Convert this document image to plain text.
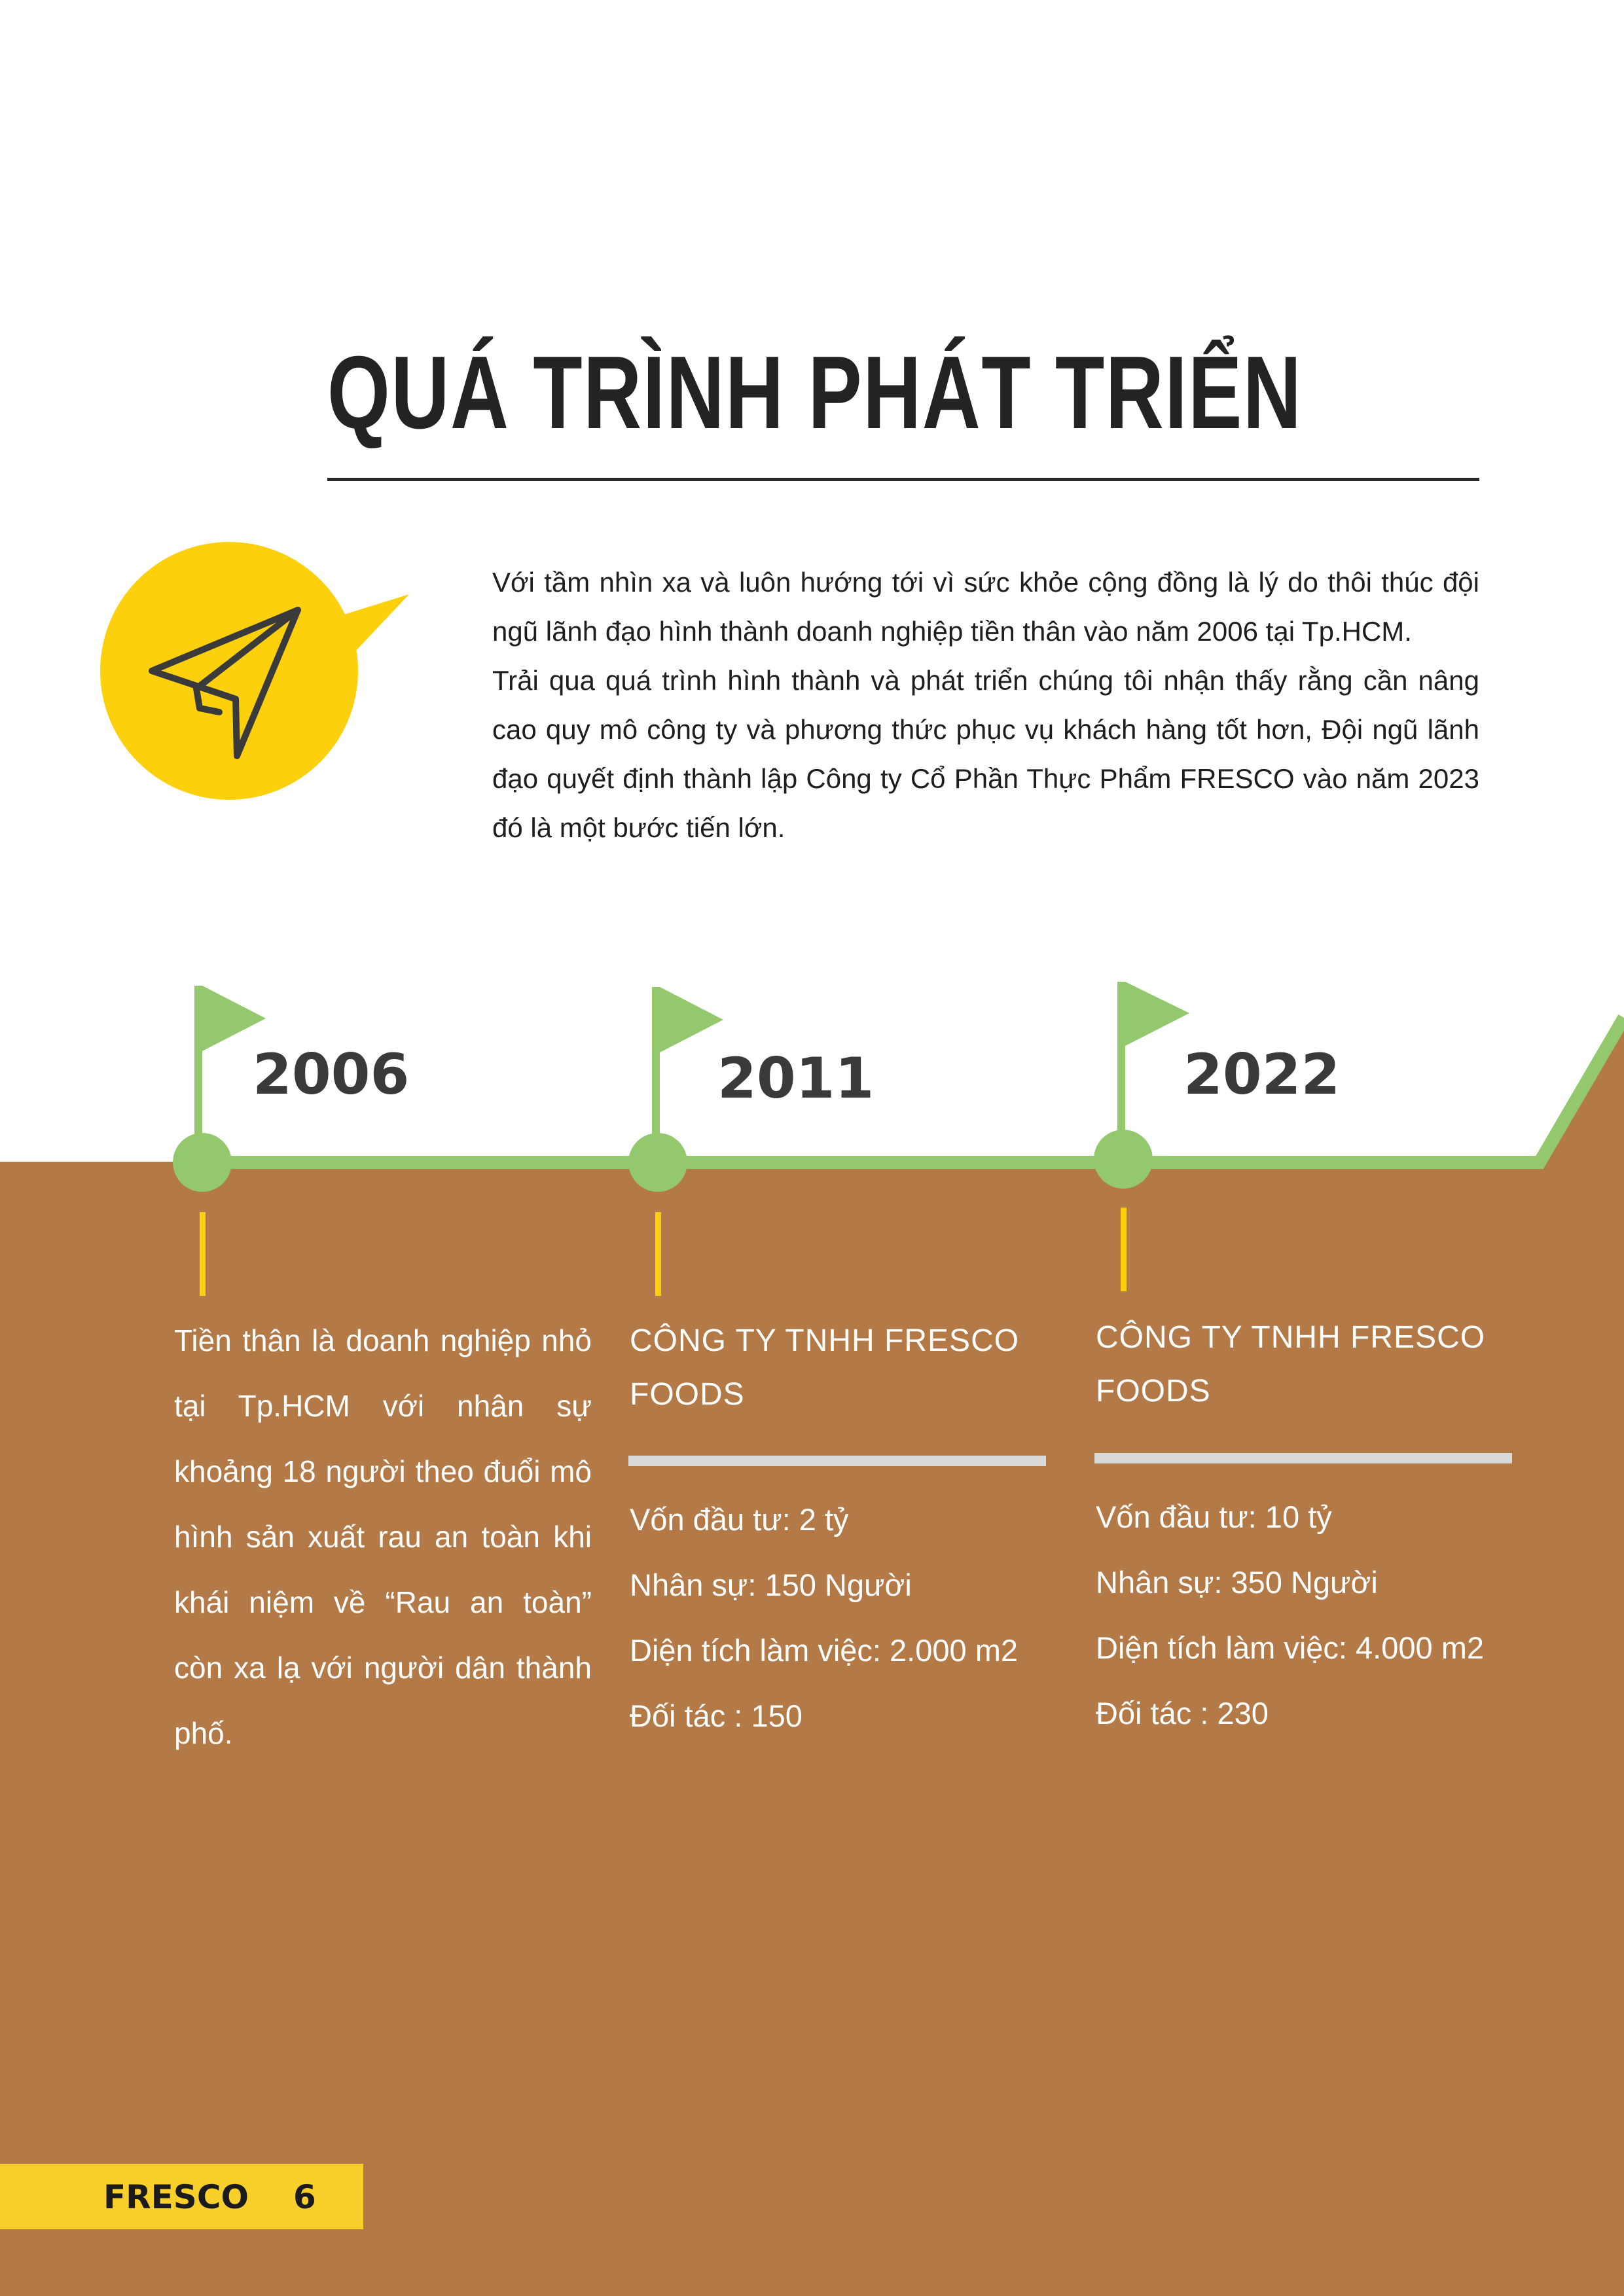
QUÁ TRÌNH PHÁT TRIỂN

Với tầm nhìn xa và luôn hướng tới vì sức khỏe cộng đồng là lý do thôi thúc đội ngũ lãnh đạo hình thành doanh nghiệp tiền thân vào năm 2006 tại Tp.HCM.

Trải qua quá trình hình thành và phát triển chúng tôi nhận thấy rằng cần nâng cao quy mô công ty và phương thức phục vụ khách hàng tốt hơn, Đội ngũ lãnh đạo quyết định thành lập Công ty Cổ Phần Thực Phẩm FRESCO vào năm 2023 đó là một bước tiến lớn.

2006	2011	2022

Tiền thân là doanh nghiệp nhỏ tại Tp.HCM với nhân sự khoảng 18 người theo đuổi mô hình sản xuất rau an toàn khi khái niệm về “Rau an toàn” còn xa lạ với người dân thành phố.

CÔNG TY TNHH FRESCO FOODS
Vốn đầu tư: 2 tỷ
Nhân sự: 150 Người
Diện tích làm việc: 2.000 m2
Đối tác : 150
CÔNG TY TNHH FRESCO FOODS
Vốn đầu tư: 10 tỷ
Nhân sự: 350 Người
Diện tích làm việc: 4.000 m2
Đối tác : 230
FRESCO 6
